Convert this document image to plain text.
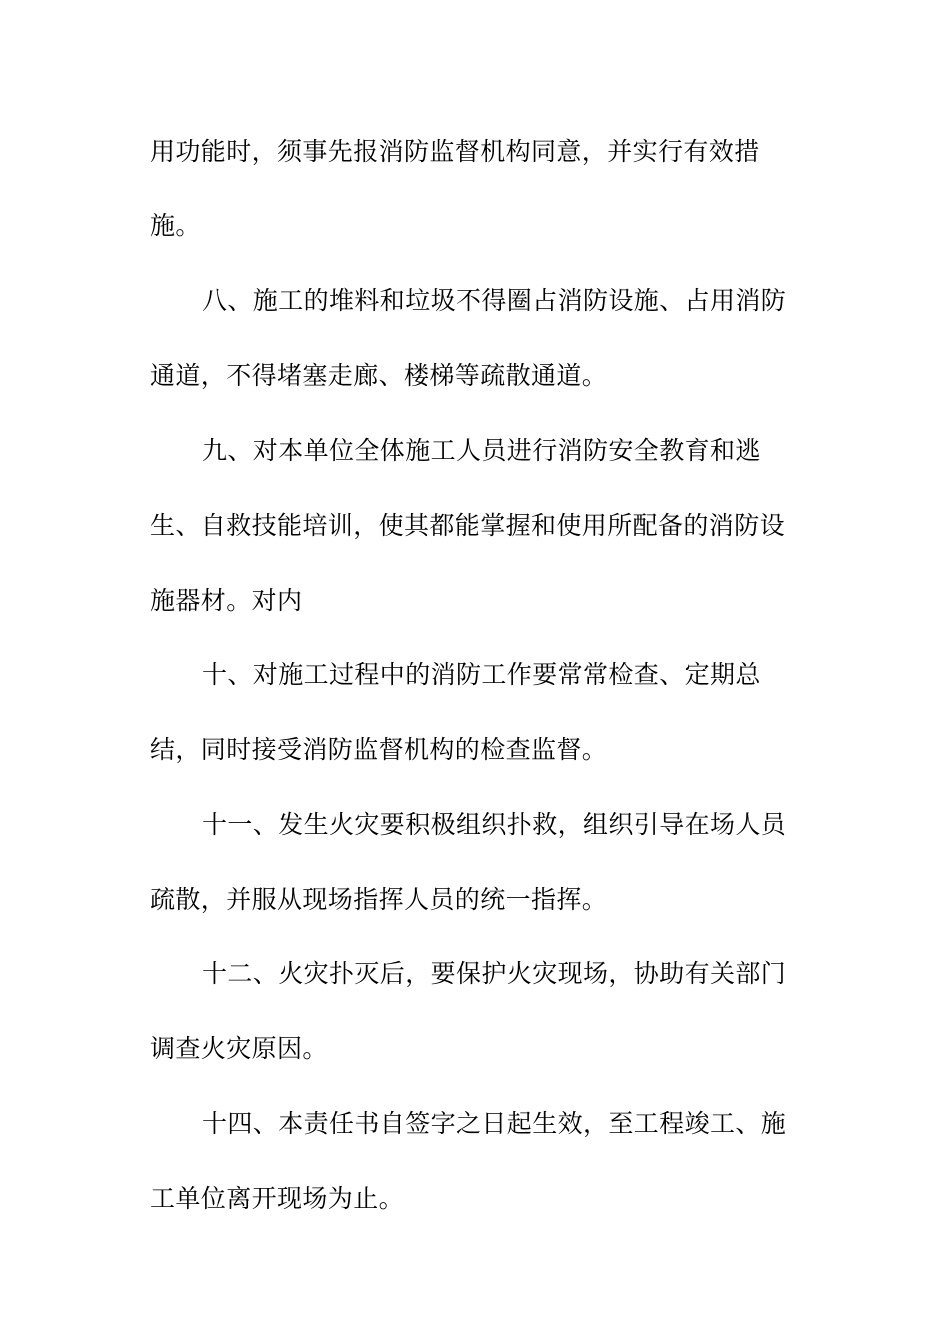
用功能时，须事先报消防监督机构同意，并实行有效措
施。
八、施工的堆料和垃圾不得圈占消防设施、占用消防
通道，不得堵塞走廊、楼梯等疏散通道。
九、对本单位全体施工人员进行消防安全教育和逃
生、自救技能培训，使其都能掌握和使用所配备的消防设
施器材。对内
十、对施工过程中的消防工作要常常检查、定期总
结，同时接受消防监督机构的检查监督。
十一、发生火灾要积极组织扑救，组织引导在场人员
疏散，并服从现场指挥人员的统一指挥。
十二、火灾扑灭后，要保护火灾现场，协助有关部门
调查火灾原因。
十四、本责任书自签字之日起生效，至工程竣工、施
工单位离开现场为止。
